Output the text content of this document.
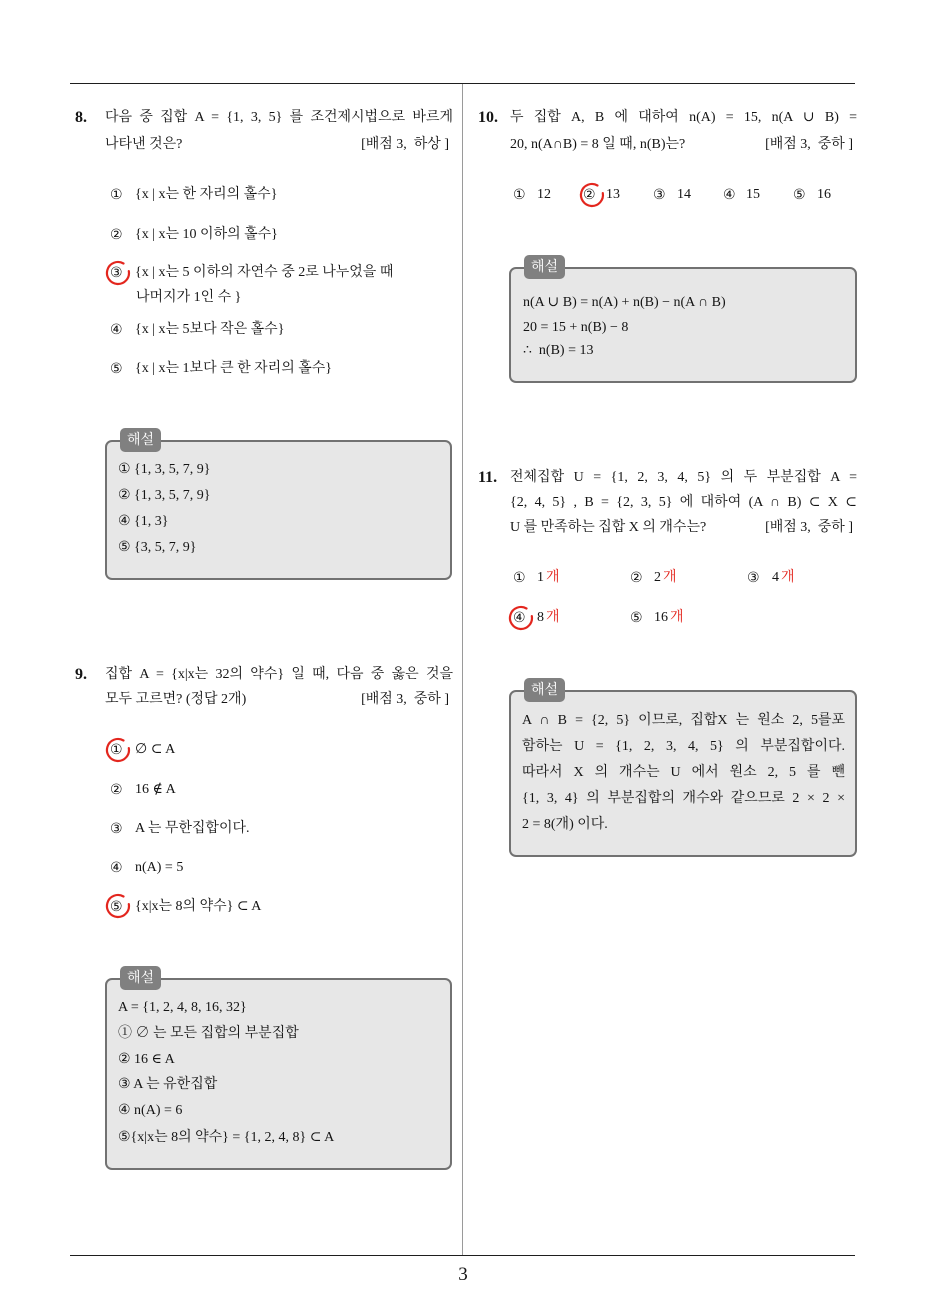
8. 다음 중 집합 A = {1, 3, 5} 를 조건제시법으로 바르게
나타낸 것은?	[배점 3,  하상 ]
① {x | x는 한 자리의 홀수}
② {x | x는 10 이하의 홀수}
③ {x | x는 5 이하의 자연수 중 2로 나누었을 때
나머지가 1인 수 }
④ {x | x는 5보다 작은 홀수}
⑤ {x | x는 1보다 큰 한 자리의 홀수}
해설
① {1, 3, 5, 7, 9}
② {1, 3, 5, 7, 9}
④ {1, 3}
⑤ {3, 5, 7, 9}
9. 집합 A = {x|x는 32의 약수} 일 때, 다음 중 옳은 것을
모두 고르면? (정답 2개)	[배점 3,  중하 ]
① ∅ ⊂ A
② 16 ∉ A
③ A 는 무한집합이다.
④ n(A) = 5
⑤ {x|x는 8의 약수} ⊂ A
해설
A = {1, 2, 4, 8, 16, 32}
① ∅ 는 모든 집합의 부분집합
② 16 ∈ A
③ A 는 유한집합
④ n(A) = 6
⑤{x|x는 8의 약수} = {1, 2, 4, 8} ⊂ A
10. 두 집합 A, B 에 대하여 n(A) = 15, n(A ∪ B) =
20, n(A∩B) = 8 일 때, n(B)는?	[배점 3,  중하 ]
① 12 ② 13 ③ 14 ④ 15 ⑤ 16
해설
n(A ∪ B) = n(A) + n(B) − n(A ∩ B)
20 = 15 + n(B) − 8
∴  n(B) = 13
11. 전체집합 U = {1, 2, 3, 4, 5} 의 두 부분집합 A =
{2, 4, 5} , B = {2, 3, 5} 에 대하여 (A ∩ B) ⊂ X ⊂
U 를 만족하는 집합 X 의 개수는?	[배점 3,  중하 ]
① 1 개	② 2 개	③ 4 개
④ 8 개	⑤ 16 개
해설
A ∩ B = {2, 5} 이므로, 집합X 는 원소 2, 5를포
함하는 U = {1, 2, 3, 4, 5} 의 부분집합이다.
따라서 X 의 개수는 U 에서 원소 2, 5 를 뺀
{1, 3, 4} 의 부분집합의 개수와 같으므로 2 × 2 ×
2 = 8(개) 이다.
3
